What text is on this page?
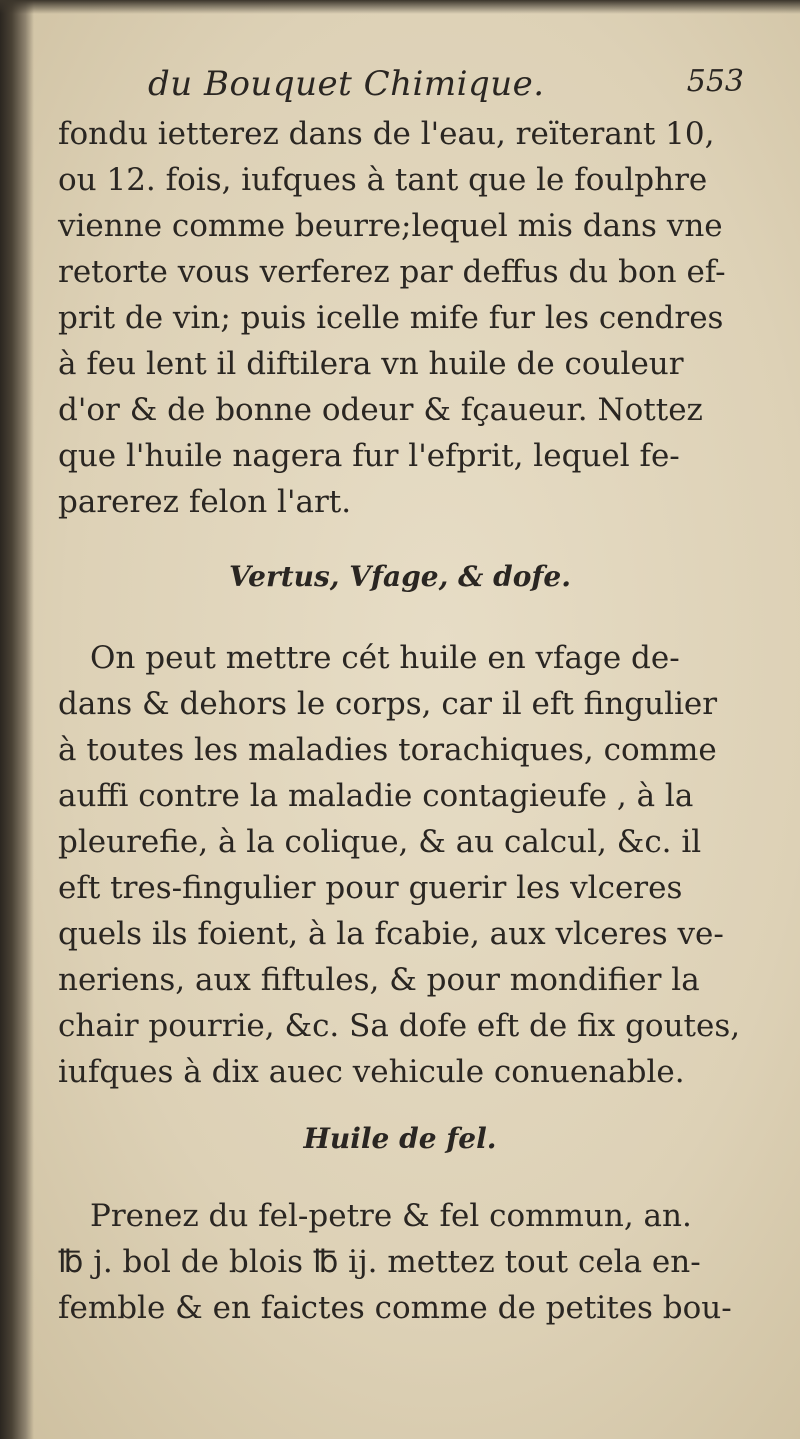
du Bouquet Chimique.	553
fondu ietterez dans de l'eau, reïterant 10,
ou 12. fois, iufques à tant que le foulphre
vienne comme beurre;lequel mis dans vne
retorte vous verferez par deffus du bon ef-
prit de vin; puis icelle mife fur les cendres
à feu lent il diftilera vn huile de couleur
d'or & de bonne odeur & fçaueur. Nottez
que l'huile nagera fur l'efprit, lequel fe-
parerez felon l'art.
Vertus, Vfage, & dofe.
On peut mettre cét huile en vfage de-
dans & dehors le corps, car il eft fingulier
à toutes les maladies torachiques, comme
auffi contre la maladie contagieufe , à la
pleurefie, à la colique, & au calcul, &c. il
eft tres-fingulier pour guerir les vlceres
quels ils foient, à la fcabie, aux vlceres ve-
neriens, aux fiftules, & pour mondifier la
chair pourrie, &c. Sa dofe eft de fix goutes,
iufques à dix auec vehicule conuenable.
Huile de fel.
Prenez du fel-petre & fel commun, an.
℔ j. bol de blois ℔ ij. mettez tout cela en-
femble & en faictes comme de petites bou-
